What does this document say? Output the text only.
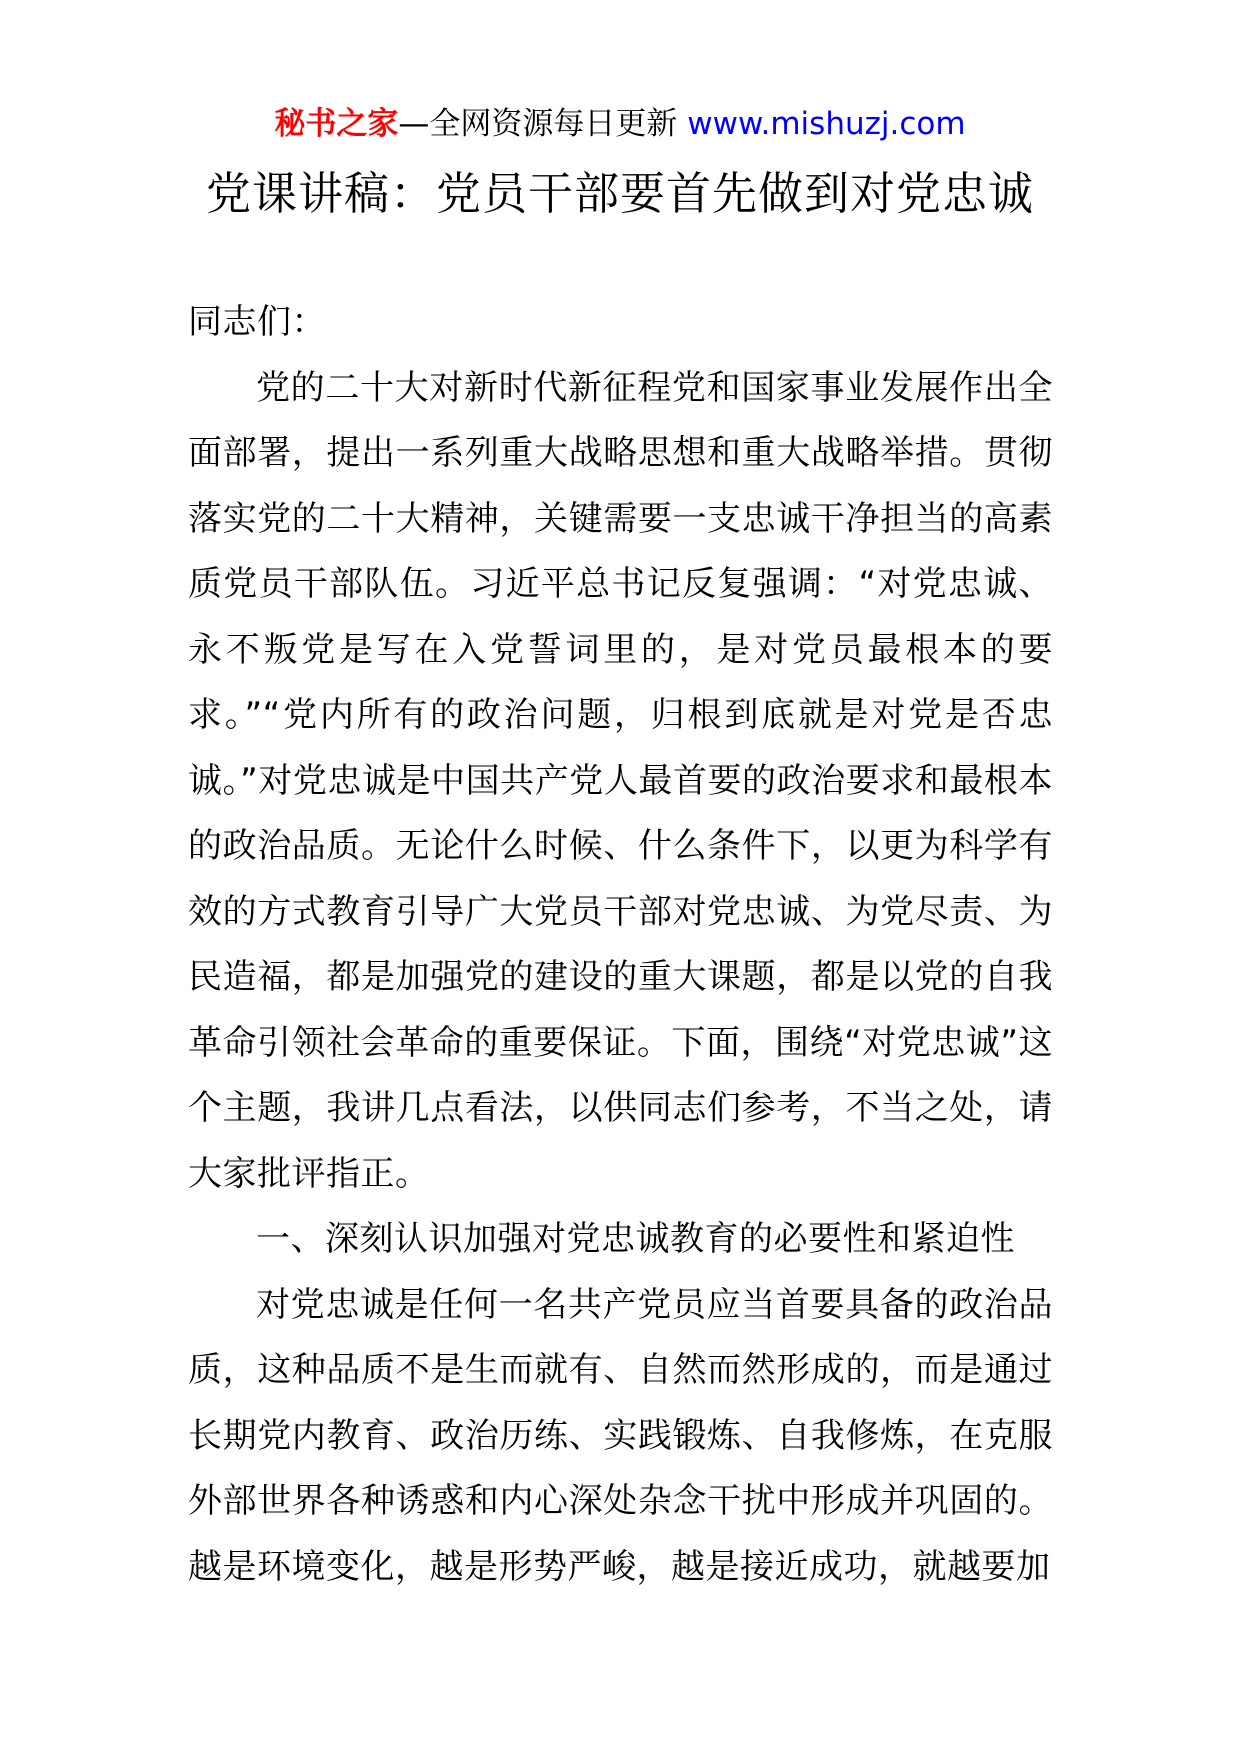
秘书之家—全网资源每日更新 www.mishuzj.com
党课讲稿：党员干部要首先做到对党忠诚

同志们：

党的二十大对新时代新征程党和国家事业发展作出全面部署，提出一系列重大战略思想和重大战略举措。贯彻落实党的二十大精神，关键需要一支忠诚干净担当的高素质党员干部队伍。习近平总书记反复强调：“对党忠诚、永不叛党是写在入党誓词里的，是对党员最根本的要求。”“党内所有的政治问题，归根到底就是对党是否忠诚。”对党忠诚是中国共产党人最首要的政治要求和最根本的政治品质。无论什么时候、什么条件下，以更为科学有效的方式教育引导广大党员干部对党忠诚、为党尽责、为民造福，都是加强党的建设的重大课题，都是以党的自我革命引领社会革命的重要保证。下面，围绕“对党忠诚”这个主题，我讲几点看法，以供同志们参考，不当之处，请大家批评指正。

一、深刻认识加强对党忠诚教育的必要性和紧迫性

对党忠诚是任何一名共产党员应当首要具备的政治品质，这种品质不是生而就有、自然而然形成的，而是通过长期党内教育、政治历练、实践锻炼、自我修炼，在克服外部世界各种诱惑和内心深处杂念干扰中形成并巩固的。越是环境变化，越是形势严峻，越是接近成功，就越要加
